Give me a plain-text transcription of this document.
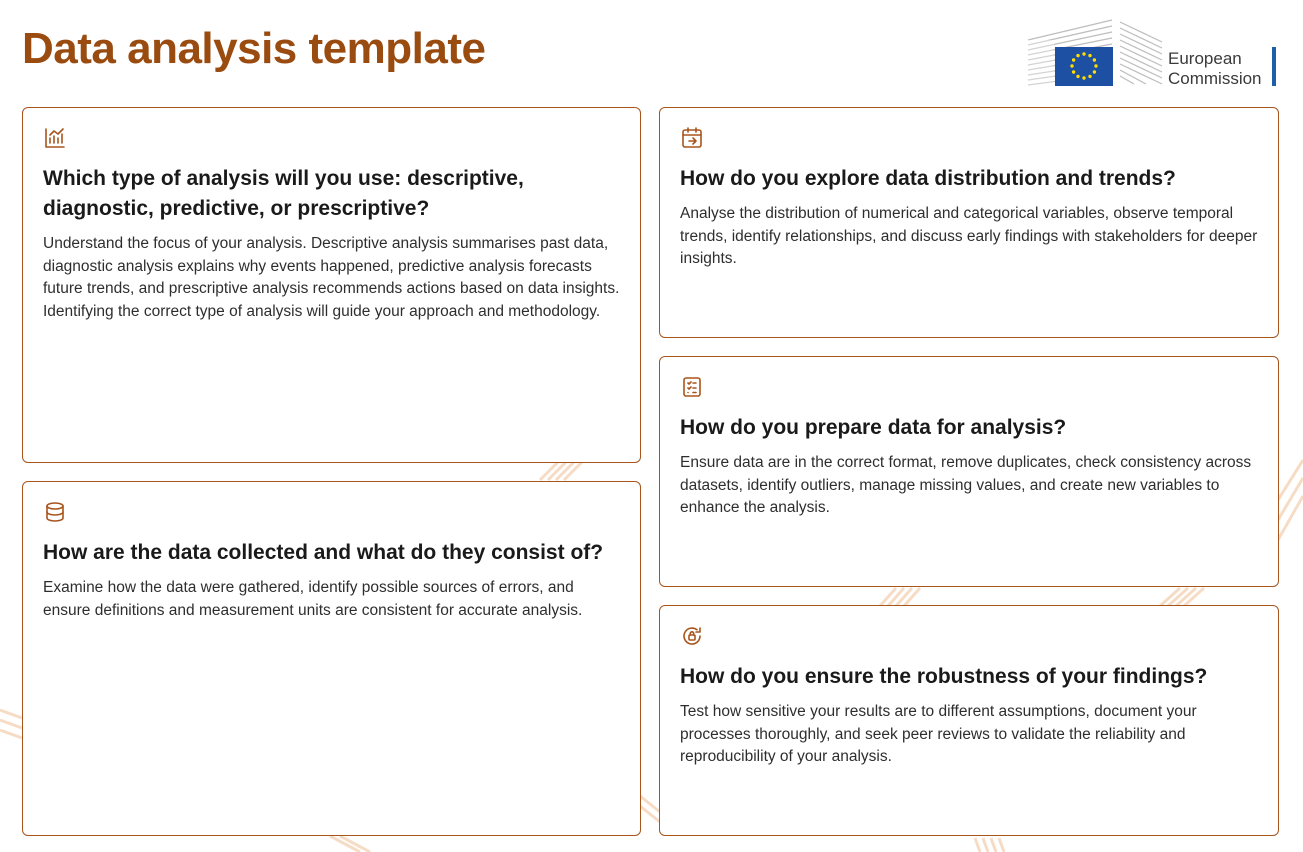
Data analysis template	European
Commission
Which type of analysis will you use: descriptive, diagnostic, predictive, or prescriptive?

Understand the focus of your analysis. Descriptive analysis summarises past data, diagnostic analysis explains why events happened, predictive analysis forecasts future trends, and prescriptive analysis recommends actions based on data insights. Identifying the correct type of analysis will guide your approach and methodology.

How are the data collected and what do they consist of?

Examine how the data were gathered, identify possible sources of errors, and ensure definitions and measurement units are consistent for accurate analysis.

How do you explore data distribution and trends?

Analyse the distribution of numerical and categorical variables, observe temporal trends, identify relationships, and discuss early findings with stakeholders for deeper insights.

How do you prepare data for analysis?

Ensure data are in the correct format, remove duplicates, check consistency across datasets, identify outliers, manage missing values, and create new variables to enhance the analysis.

How do you ensure the robustness of your findings?

Test how sensitive your results are to different assumptions, document your processes thoroughly, and seek peer reviews to validate the reliability and reproducibility of your analysis.
